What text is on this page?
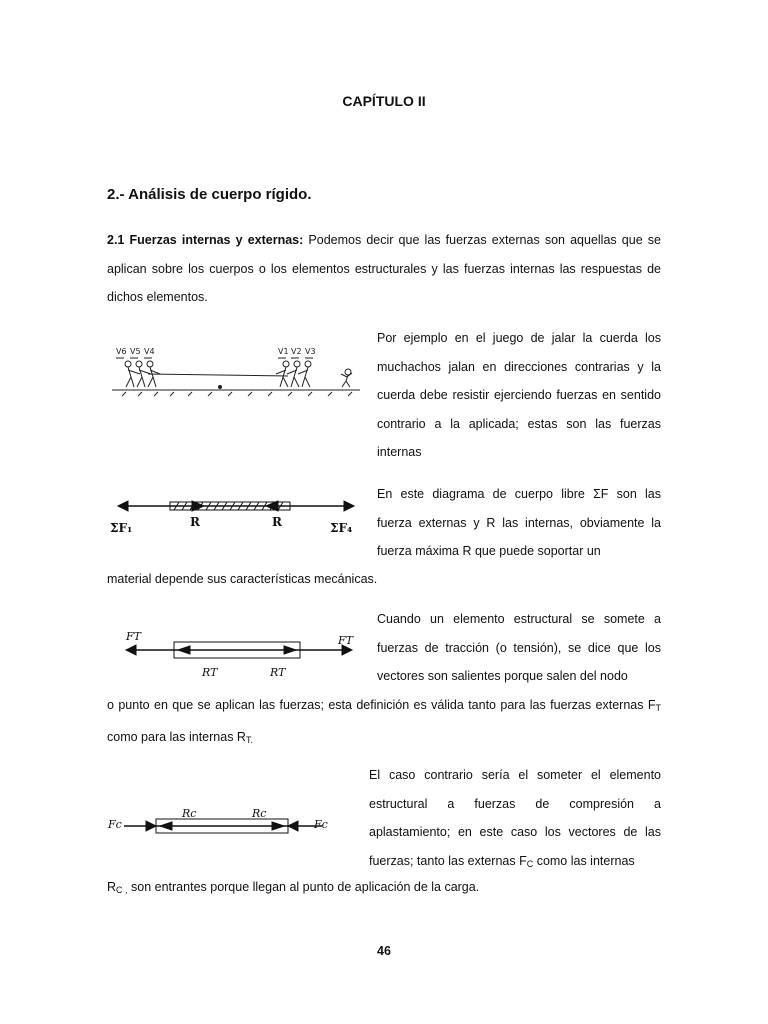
CAPÍTULO II
2.- Análisis de cuerpo rígido.
2.1 Fuerzas internas y externas: Podemos decir que las fuerzas externas son aquellas que se aplican sobre los cuerpos o los elementos estructurales y las fuerzas internas las respuestas de dichos elementos.
V6 V5 V4	V1 V2 V3
Por ejemplo en el juego de jalar la cuerda los muchachos jalan en direcciones contrarias y la cuerda debe resistir ejerciendo fuerzas en sentido contrario a la aplicada; estas son las fuerzas internas
ΣF₁	R	R	ΣF₄
En este diagrama de cuerpo libre ΣF son las fuerza externas y R las internas, obviamente la fuerza máxima R que puede soportar un
material depende sus características mecánicas.
FT	FT
RT	RT
Cuando un elemento estructural se somete a fuerzas de tracción (o tensión), se dice que los vectores son salientes porque salen del nodo
o punto en que se aplican las fuerzas; esta definición es válida tanto para las fuerzas externas $F_T$ como para las internas $R_{T.}$
Fc
Rc	Rc
Fc
El caso contrario sería el someter el elemento estructural a fuerzas de compresión a aplastamiento; en este caso los vectores de las fuerzas; tanto las externas $F_C$ como las internas
$R_{C ,}$ son entrantes porque llegan al punto de aplicación de la carga.
46
